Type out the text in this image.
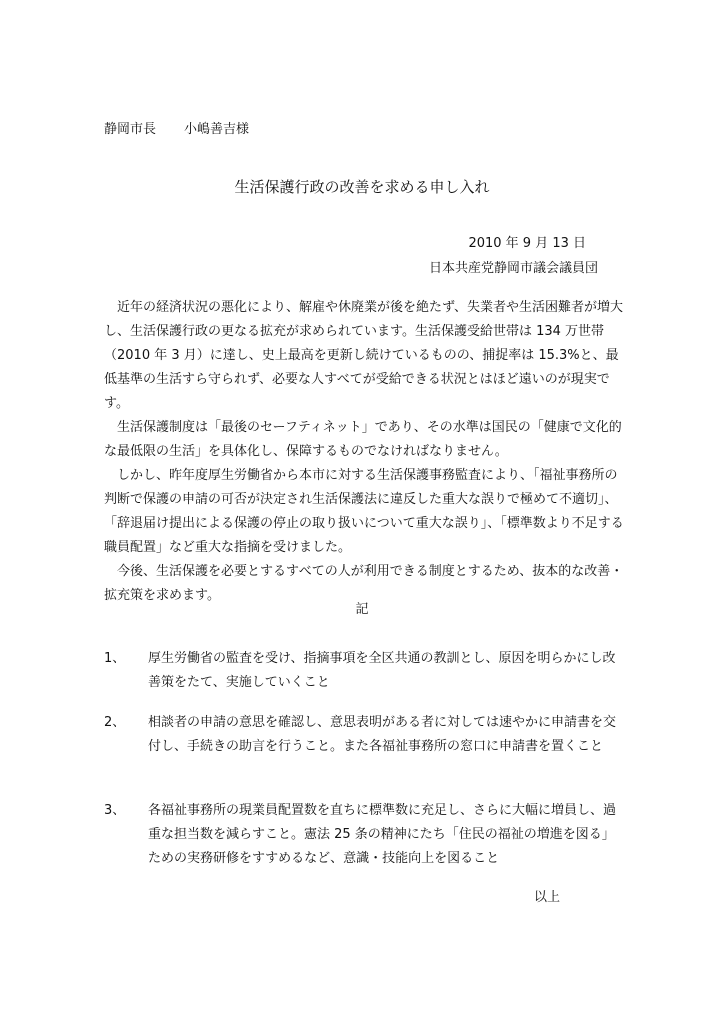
静岡市長 小嶋善吉様
生活保護行政の改善を求める申し入れ
2010 年 9 月 13 日
日本共産党静岡市議会議員団

近年の経済状況の悪化により、解雇や休廃業が後を絶たず、失業者や生活困難者が増大し、生活保護行政の更なる拡充が求められています。生活保護受給世帯は 134 万世帯（2010 年 3 月）に達し、史上最高を更新し続けているものの、捕捉率は 15.3%と、最低基準の生活すら守られず、必要な人すべてが受給できる状況とはほど遠いのが現実です。

生活保護制度は「最後のセーフティネット」であり、その水準は国民の「健康で文化的な最低限の生活」を具体化し、保障するものでなければなりません。

しかし、昨年度厚生労働省から本市に対する生活保護事務監査により、「福祉事務所の判断で保護の申請の可否が決定され生活保護法に違反した重大な誤りで極めて不適切」、「辞退届け提出による保護の停止の取り扱いについて重大な誤り」、「標準数より不足する職員配置」など重大な指摘を受けました。

今後、生活保護を必要とするすべての人が利用できる制度とするため、抜本的な改善・拡充策を求めます。

記
1、 厚生労働省の監査を受け、指摘事項を全区共通の教訓とし、原因を明らかにし改善策をたて、実施していくこと
2、 相談者の申請の意思を確認し、意思表明がある者に対しては速やかに申請書を交付し、手続きの助言を行うこと。また各福祉事務所の窓口に申請書を置くこと
3、 各福祉事務所の現業員配置数を直ちに標準数に充足し、さらに大幅に増員し、過重な担当数を減らすこと。憲法 25 条の精神にたち「住民の福祉の増進を図る」ための実務研修をすすめるなど、意識・技能向上を図ること
以上
